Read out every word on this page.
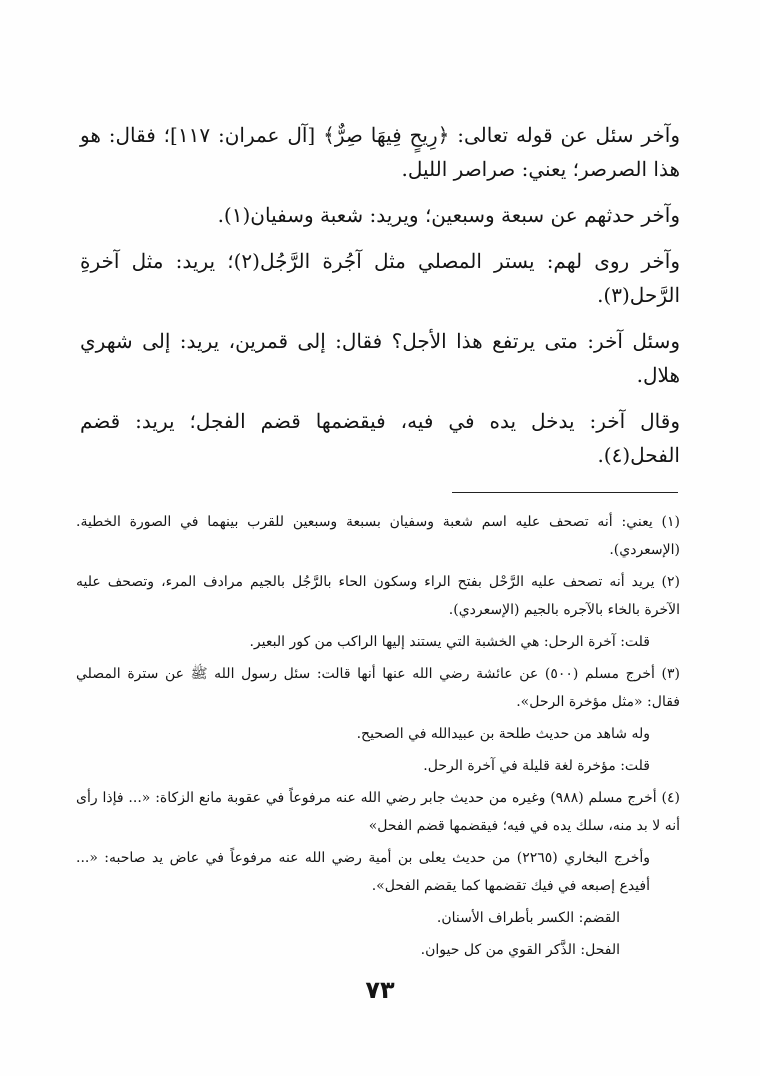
وآخر سئل عن قوله تعالى: ﴿رِيحٍ فِيهَا صِرٌّ﴾ [آل عمران: ١١٧]؛ فقال: هو هذا الصرصر؛ يعني: صراصر الليل.

وآخر حدثهم عن سبعة وسبعين؛ ويريد: شعبة وسفيان(١).

وآخر روى لهم: يستر المصلي مثل آجُرة الرَّجُل(٢)؛ يريد: مثل آخرةِ الرَّحل(٣).

وسئل آخر: متى يرتفع هذا الأجل؟ فقال: إلى قمرين، يريد: إلى شهري هلال.

وقال آخر: يدخل يده في فيه، فيقضمها قضم الفجل؛ يريد: قضم الفحل(٤).

(١) يعني: أنه تصحف عليه اسم شعبة وسفيان بسبعة وسبعين للقرب بينهما في الصورة الخطية. (الإسعردي).

(٢) يريد أنه تصحف عليه الرَّحْل بفتح الراء وسكون الحاء بالرَّجُل بالجيم مرادف المرء، وتصحف عليه الآخرة بالخاء بالآجره بالجيم (الإسعردي).

قلت: آخرة الرحل: هي الخشبة التي يستند إليها الراكب من كور البعير.

(٣) أخرج مسلم (٥٠٠) عن عائشة رضي الله عنها أنها قالت: سئل رسول الله ﷺ عن سترة المصلي فقال: «مثل مؤخرة الرحل».

وله شاهد من حديث طلحة بن عبيدالله في الصحيح.

قلت: مؤخرة لغة قليلة في آخرة الرحل.

(٤) أخرج مسلم (٩٨٨) وغيره من حديث جابر رضي الله عنه مرفوعاً في عقوبة مانع الزكاة: «... فإذا رأى أنه لا بد منه، سلك يده في فيه؛ فيقضمها قضم الفحل»

وأخرج البخاري (٢٢٦٥) من حديث يعلى بن أمية رضي الله عنه مرفوعاً في عاض يد صاحبه: «... أفيدع إصبعه في فيك تقضمها كما يقضم الفحل».

القضم: الكسر بأطراف الأسنان.

الفحل: الذَّكر القوي من كل حيوان.

٧٣
